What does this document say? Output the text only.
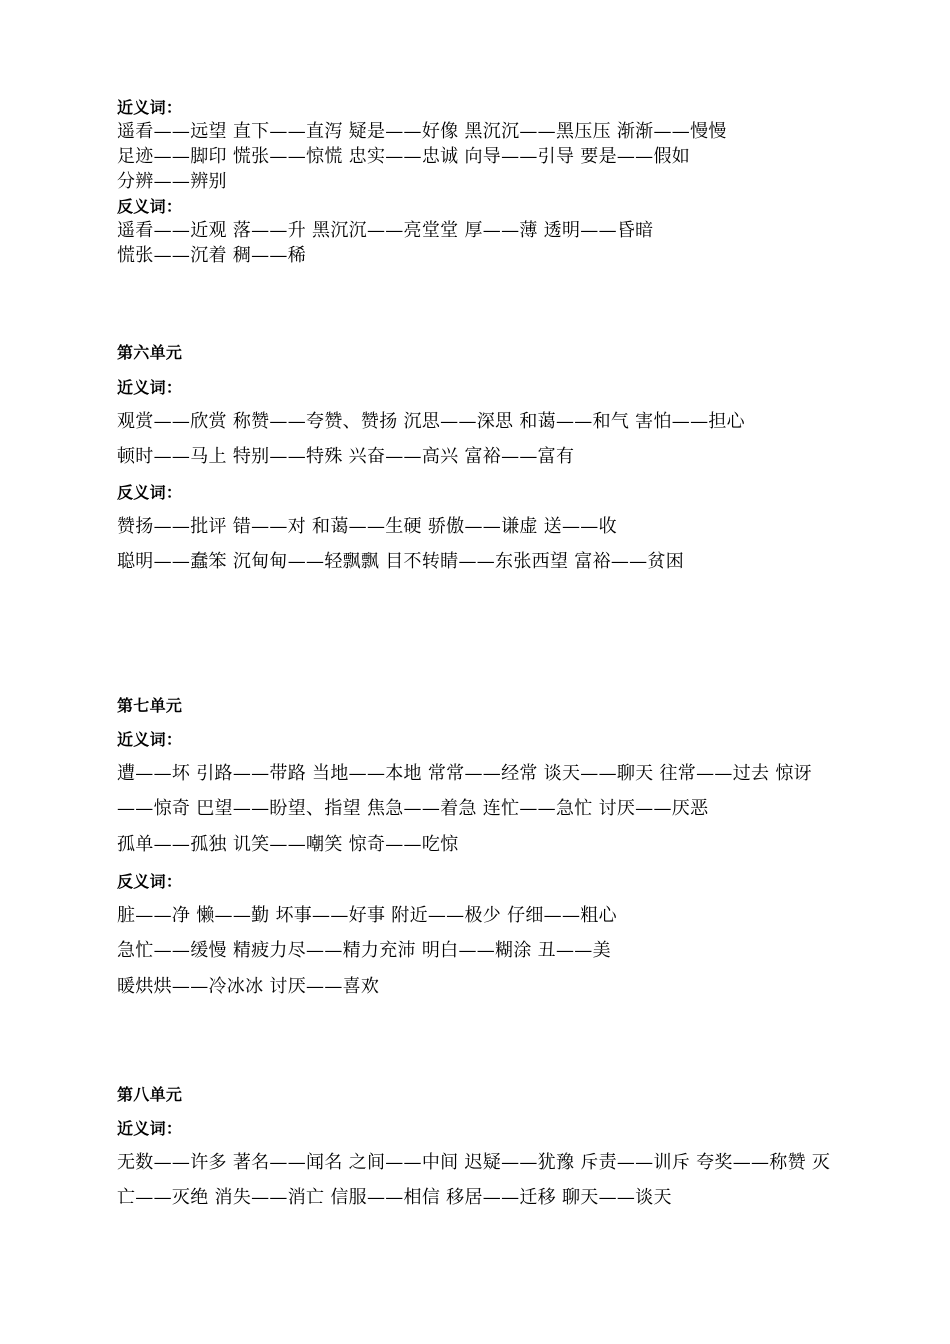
近义词：
遥看——远望 直下——直泻 疑是——好像 黑沉沉——黑压压 渐渐——慢慢
足迹——脚印 慌张——惊慌 忠实——忠诚 向导——引导 要是——假如
分辨——辨别
反义词：
遥看——近观 落——升 黑沉沉——亮堂堂 厚——薄 透明——昏暗
慌张——沉着 稠——稀
第六单元
近义词：
观赏——欣赏 称赞——夸赞、赞扬 沉思——深思 和蔼——和气 害怕——担心
顿时——马上 特别——特殊 兴奋——高兴 富裕——富有
反义词：
赞扬——批评 错——对 和蔼——生硬 骄傲——谦虚 送——收
聪明——蠢笨 沉甸甸——轻飘飘 目不转睛——东张西望 富裕——贫困
第七单元
近义词：
遭——坏 引路——带路 当地——本地 常常——经常 谈天——聊天 往常——过去 惊讶
——惊奇 巴望——盼望、指望 焦急——着急 连忙——急忙 讨厌——厌恶
孤单——孤独 讥笑——嘲笑 惊奇——吃惊
反义词：
脏——净 懒——勤 坏事——好事 附近——极少 仔细——粗心
急忙——缓慢 精疲力尽——精力充沛 明白——糊涂 丑——美
暖烘烘——冷冰冰 讨厌——喜欢
第八单元
近义词：
无数——许多 著名——闻名 之间——中间 迟疑——犹豫 斥责——训斥 夸奖——称赞 灭
亡——灭绝 消失——消亡 信服——相信 移居——迁移 聊天——谈天
